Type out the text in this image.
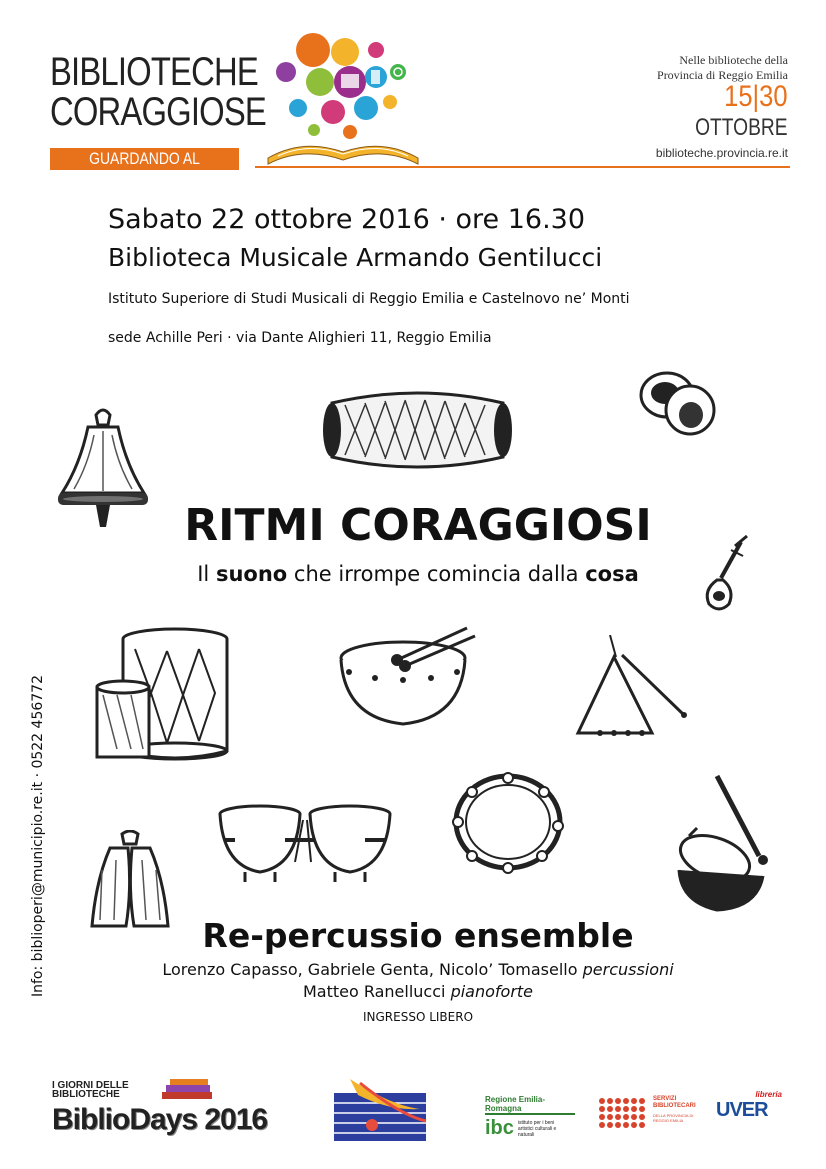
BIBLIOTECHE
CORAGGIOSE
GUARDANDO AL FUTURO
Nelle biblioteche della
Provincia di Reggio Emilia
15|30
OTTOBRE
biblioteche.provincia.re.it
Sabato 22 ottobre 2016 · ore 16.30
Biblioteca Musicale Armando Gentilucci
Istituto Superiore di Studi Musicali di Reggio Emilia e Castelnovo ne’ Monti
sede Achille Peri · via Dante Alighieri 11, Reggio Emilia
RITMI CORAGGIOSI
Il suono che irrompe comincia dalla cosa
Re-percussio ensemble
Lorenzo Capasso, Gabriele Genta, Nicolo’ Tomasello percussioni
Matteo Ranellucci pianoforte
INGRESSO LIBERO
Info: biblioperi@municipio.re.it · 0522 456772
I GIORNI DELLE
BIBLIOTECHE
BiblioDays 2016
Regione Emilia-Romagna
ibc istituto per i beni artistici culturali e naturali
SERVIZI BIBLIOTECARI
DELLA PROVINCIA DI REGGIO EMILIA
libreria
UVER
